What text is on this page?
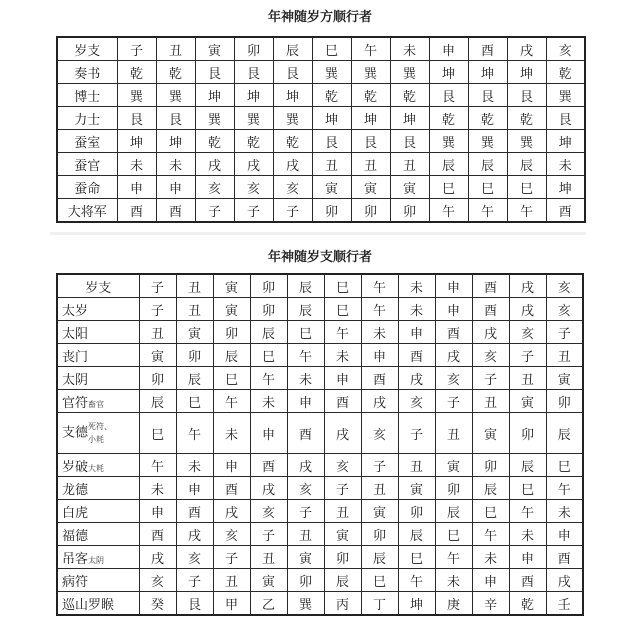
年神随岁方顺行者
岁支	子	丑	寅	卯	辰	巳	午	未	申	酉	戌	亥
奏书	乾	乾	艮	艮	艮	巽	巽	巽	坤	坤	坤	乾
博士	巽	巽	坤	坤	坤	乾	乾	乾	艮	艮	艮	巽
力士	艮	艮	巽	巽	巽	坤	坤	坤	乾	乾	乾	艮
蚕室	坤	坤	乾	乾	乾	艮	艮	艮	巽	巽	巽	坤
蚕官	未	未	戌	戌	戌	丑	丑	丑	辰	辰	辰	未
蚕命	申	申	亥	亥	亥	寅	寅	寅	巳	巳	巳	坤
大将军	酉	酉	子	子	子	卯	卯	卯	午	午	午	酉
年神随岁支顺行者
岁支	子	丑	寅	卯	辰	巳	午	未	申	酉	戌	亥
太岁	子	丑	寅	卯	辰	巳	午	未	申	酉	戌	亥
太阳	丑	寅	卯	辰	巳	午	未	申	酉	戌	亥	子
丧门	寅	卯	辰	巳	午	未	申	酉	戌	亥	子	丑
太阴	卯	辰	巳	午	未	申	酉	戌	亥	子	丑	寅
官符畜官	辰	巳	午	未	申	酉	戌	亥	子	丑	寅	卯
支德死符、
小耗	巳	午	未	申	酉	戌	亥	子	丑	寅	卯	辰
岁破大耗	午	未	申	酉	戌	亥	子	丑	寅	卯	辰	巳
龙德	未	申	酉	戌	亥	子	丑	寅	卯	辰	巳	午
白虎	申	酉	戌	亥	子	丑	寅	卯	辰	巳	午	未
福德	酉	戌	亥	子	丑	寅	卯	辰	巳	午	未	申
吊客太阴	戌	亥	子	丑	寅	卯	辰	巳	午	未	申	酉
病符	亥	子	丑	寅	卯	辰	巳	午	未	申	酉	戌
巡山罗睺	癸	艮	甲	乙	巽	丙	丁	坤	庚	辛	乾	壬
